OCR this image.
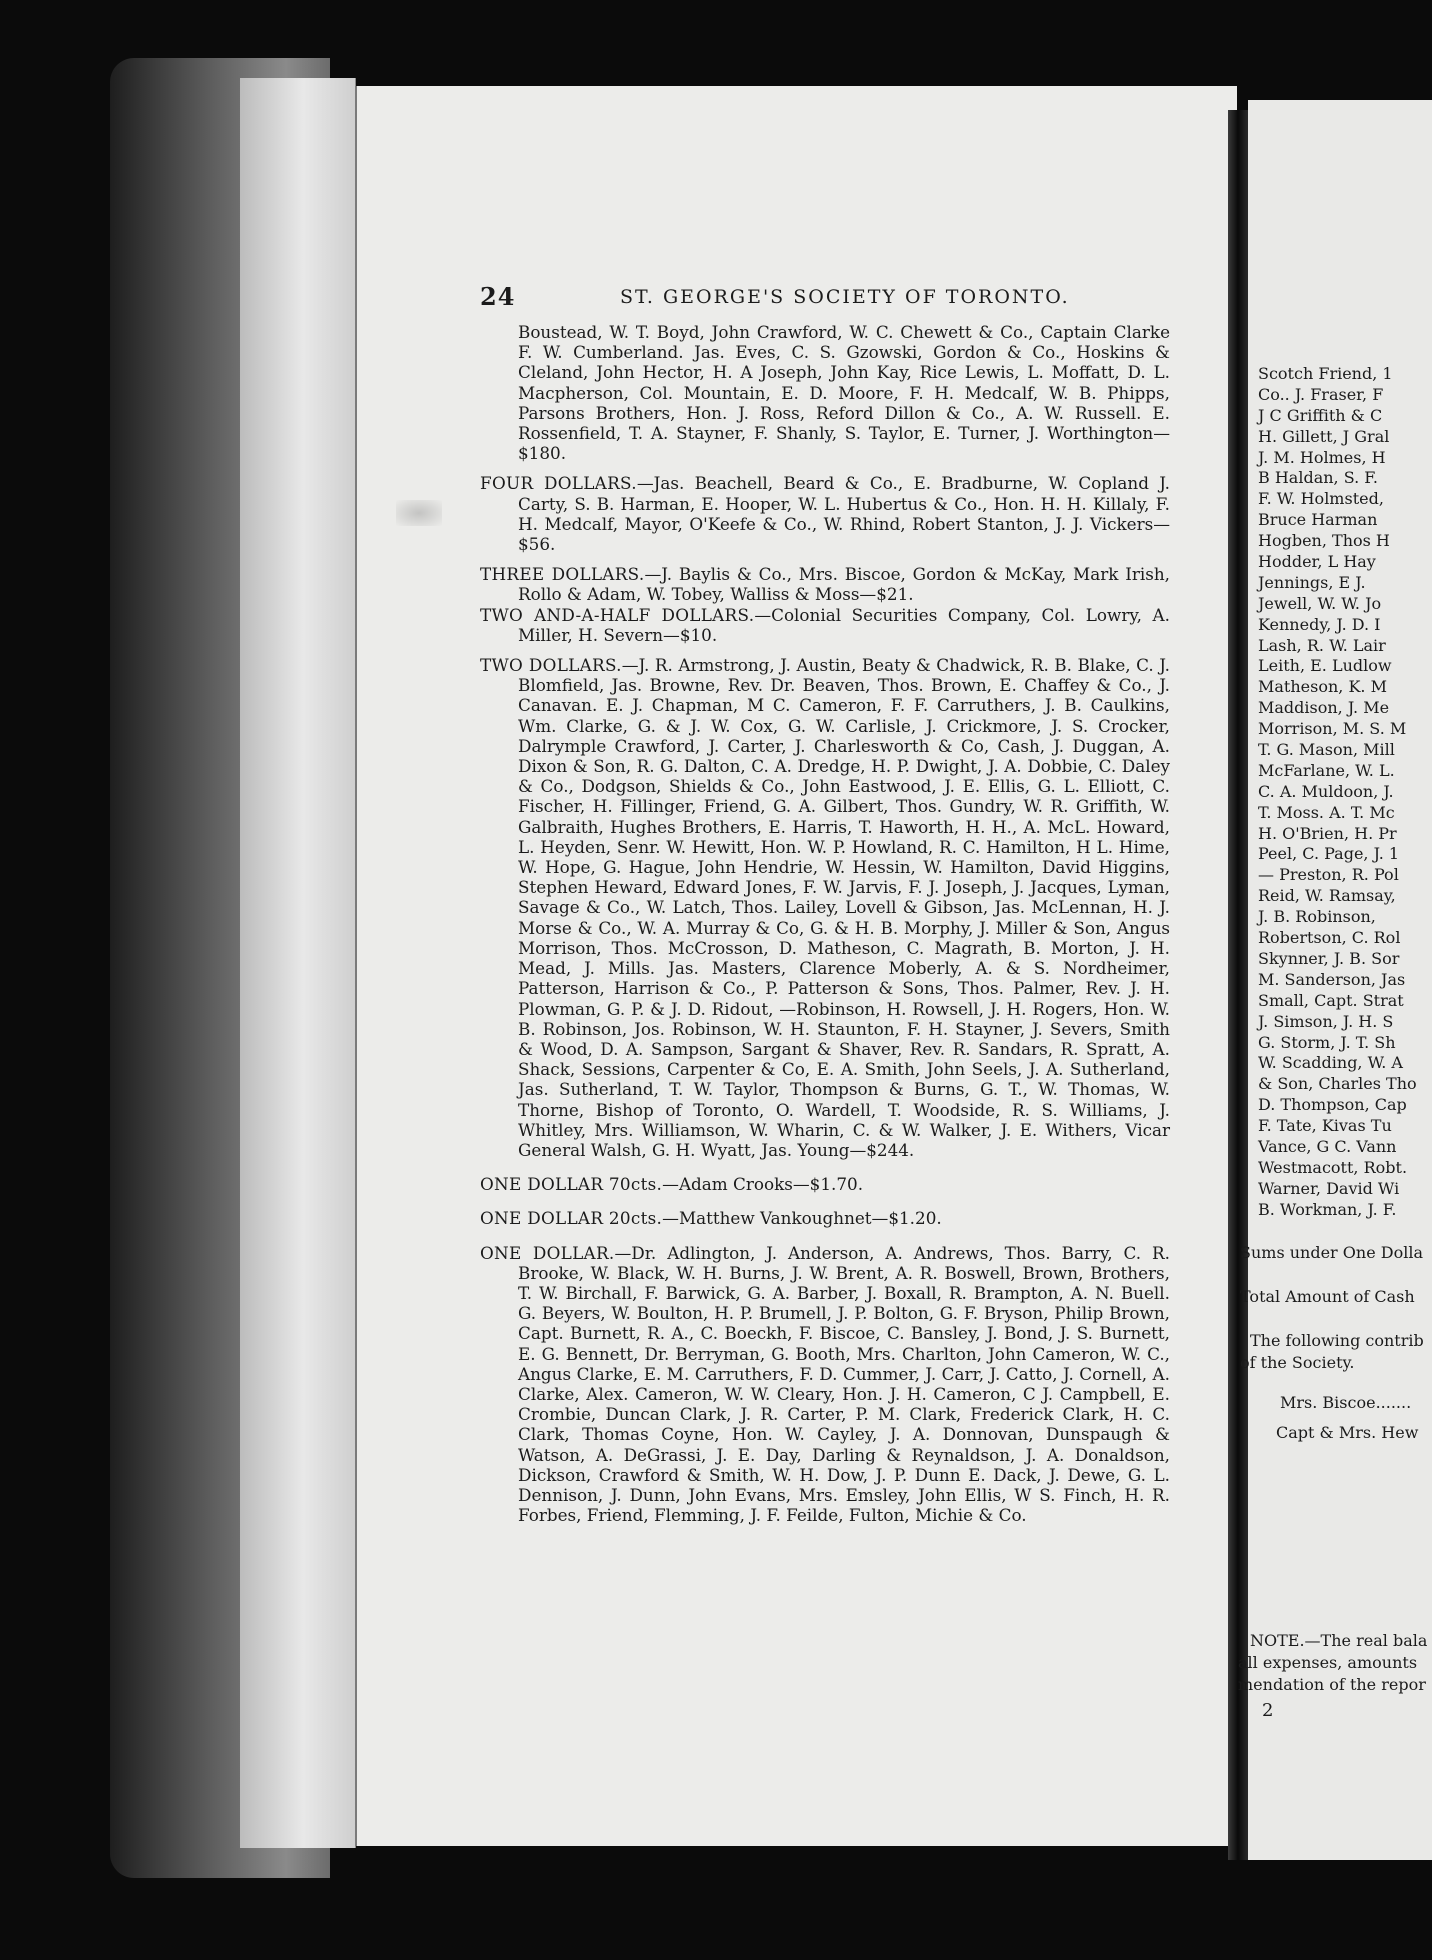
24	ST. GEORGE'S SOCIETY OF TORONTO.

Boustead, W. T. Boyd, John Crawford, W. C. Chewett & Co., Captain Clarke F. W. Cumberland. Jas. Eves, C. S. Gzowski, Gordon & Co., Hoskins & Cleland, John Hector, H. A Joseph, John Kay, Rice Lewis, L. Moffatt, D. L. Macpherson, Col. Mountain, E. D. Moore, F. H. Medcalf, W. B. Phipps, Parsons Brothers, Hon. J. Ross, Reford Dillon & Co., A. W. Russell. E. Rossenfield, T. A. Stayner, F. Shanly, S. Taylor, E. Turner, J. Worthington—$180.

FOUR DOLLARS.—Jas. Beachell, Beard & Co., E. Bradburne, W. Copland J. Carty, S. B. Harman, E. Hooper, W. L. Hubertus & Co., Hon. H. H. Killaly, F. H. Medcalf, Mayor, O'Keefe & Co., W. Rhind, Robert Stanton, J. J. Vickers—$56.

THREE DOLLARS.—J. Baylis & Co., Mrs. Biscoe, Gordon & McKay, Mark Irish, Rollo & Adam, W. Tobey, Walliss & Moss—$21.

TWO AND-A-HALF DOLLARS.—Colonial Securities Company, Col. Lowry, A. Miller, H. Severn—$10.

TWO DOLLARS.—J. R. Armstrong, J. Austin, Beaty & Chadwick, R. B. Blake, C. J. Blomfield, Jas. Browne, Rev. Dr. Beaven, Thos. Brown, E. Chaffey & Co., J. Canavan. E. J. Chapman, M C. Cameron, F. F. Carruthers, J. B. Caulkins, Wm. Clarke, G. & J. W. Cox, G. W. Carlisle, J. Crickmore, J. S. Crocker, Dalrymple Crawford, J. Carter, J. Charlesworth & Co, Cash, J. Duggan, A. Dixon & Son, R. G. Dalton, C. A. Dredge, H. P. Dwight, J. A. Dobbie, C. Daley & Co., Dodgson, Shields & Co., John Eastwood, J. E. Ellis, G. L. Elliott, C. Fischer, H. Fillinger, Friend, G. A. Gilbert, Thos. Gundry, W. R. Griffith, W. Galbraith, Hughes Brothers, E. Harris, T. Haworth, H. H., A. McL. Howard, L. Heyden, Senr. W. Hewitt, Hon. W. P. Howland, R. C. Hamilton, H L. Hime, W. Hope, G. Hague, John Hendrie, W. Hessin, W. Hamilton, David Higgins, Stephen Heward, Edward Jones, F. W. Jarvis, F. J. Joseph, J. Jacques, Lyman, Savage & Co., W. Latch, Thos. Lailey, Lovell & Gibson, Jas. McLennan, H. J. Morse & Co., W. A. Murray & Co, G. & H. B. Morphy, J. Miller & Son, Angus Morrison, Thos. McCrosson, D. Matheson, C. Magrath, B. Morton, J. H. Mead, J. Mills. Jas. Masters, Clarence Moberly, A. & S. Nordheimer, Patterson, Harrison & Co., P. Patterson & Sons, Thos. Palmer, Rev. J. H. Plowman, G. P. & J. D. Ridout, —Robinson, H. Rowsell, J. H. Rogers, Hon. W. B. Robinson, Jos. Robinson, W. H. Staunton, F. H. Stayner, J. Severs, Smith & Wood, D. A. Sampson, Sargant & Shaver, Rev. R. Sandars, R. Spratt, A. Shack, Sessions, Carpenter & Co, E. A. Smith, John Seels, J. A. Sutherland, Jas. Sutherland, T. W. Taylor, Thompson & Burns, G. T., W. Thomas, W. Thorne, Bishop of Toronto, O. Wardell, T. Woodside, R. S. Williams, J. Whitley, Mrs. Williamson, W. Wharin, C. & W. Walker, J. E. Withers, Vicar General Walsh, G. H. Wyatt, Jas. Young—$244.

ONE DOLLAR 70cts.—Adam Crooks—$1.70.

ONE DOLLAR 20cts.—Matthew Vankoughnet—$1.20.

ONE DOLLAR.—Dr. Adlington, J. Anderson, A. Andrews, Thos. Barry, C. R. Brooke, W. Black, W. H. Burns, J. W. Brent, A. R. Boswell, Brown, Brothers, T. W. Birchall, F. Barwick, G. A. Barber, J. Boxall, R. Brampton, A. N. Buell. G. Beyers, W. Boulton, H. P. Brumell, J. P. Bolton, G. F. Bryson, Philip Brown, Capt. Burnett, R. A., C. Boeckh, F. Biscoe, C. Bansley, J. Bond, J. S. Burnett, E. G. Bennett, Dr. Berryman, G. Booth, Mrs. Charlton, John Cameron, W. C., Angus Clarke, E. M. Carruthers, F. D. Cummer, J. Carr, J. Catto, J. Cornell, A. Clarke, Alex. Cameron, W. W. Cleary, Hon. J. H. Cameron, C J. Campbell, E. Crombie, Duncan Clark, J. R. Carter, P. M. Clark, Frederick Clark, H. C. Clark, Thomas Coyne, Hon. W. Cayley, J. A. Donnovan, Dunspaugh & Watson, A. DeGrassi, J. E. Day, Darling & Reynaldson, J. A. Donaldson, Dickson, Crawford & Smith, W. H. Dow, J. P. Dunn E. Dack, J. Dewe, G. L. Dennison, J. Dunn, John Evans, Mrs. Emsley, John Ellis, W S. Finch, H. R. Forbes, Friend, Flemming, J. F. Feilde, Fulton, Michie & Co.

Scotch Friend, 1
Co.. J. Fraser, F
J C Griffith & C
H. Gillett, J Gral
J. M. Holmes, H
B Haldan, S. F.
F. W. Holmsted,
Bruce Harman
Hogben, Thos H
Hodder, L Hay
Jennings, E J.
Jewell, W. W. Jo
Kennedy, J. D. I
Lash, R. W. Lair
Leith, E. Ludlow
Matheson, K. M
Maddison, J. Me
Morrison, M. S. M
T. G. Mason, Mill
McFarlane, W. L.
C. A. Muldoon, J.
T. Moss. A. T. Mc
H. O'Brien, H. Pr
Peel, C. Page, J. 1
— Preston, R. Pol
Reid, W. Ramsay,
J. B. Robinson,
Robertson, C. Rol
Skynner, J. B. Sor
M. Sanderson, Jas
Small, Capt. Strat
J. Simson, J. H. S
G. Storm, J. T. Sh
W. Scadding, W. A
& Son, Charles Tho
D. Thompson, Cap
F. Tate, Kivas Tu
Vance, G C. Vann
Westmacott, Robt.
Warner, David Wi
B. Workman, J. F.
Sums under One Dolla
Total Amount of Cash
The following contrib
of the Society.
Mrs. Biscoe.......
Capt & Mrs. Hew
NOTE.—The real bala
all expenses, amounts
mendation of the repor
2
